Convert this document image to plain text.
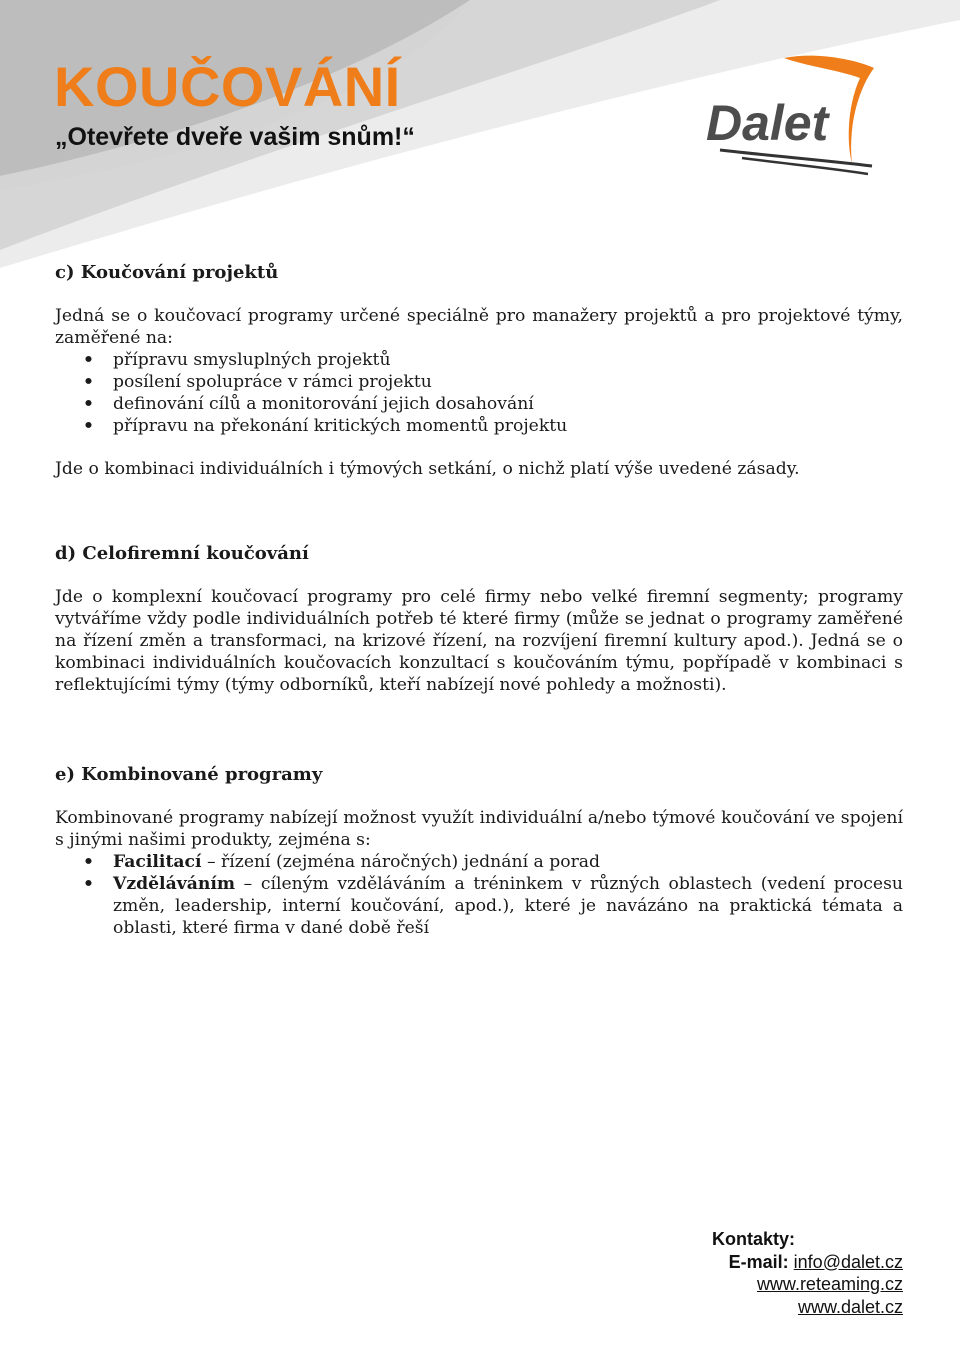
KOUČOVÁNÍ

„Otevřete dveře vašim snům!“	Dalet
c) Koučování projektů

Jedná se o koučovací programy určené speciálně pro manažery projektů a pro projektové týmy, zaměřené na:

• přípravu smysluplných projektů
• posílení spolupráce v rámci projektu
• definování cílů a monitorování jejich dosahování
• přípravu na překonání kritických momentů projektu

Jde o kombinaci individuálních i týmových setkání, o nichž platí výše uvedené zásady.

d) Celofiremní koučování

Jde o komplexní koučovací programy pro celé firmy nebo velké firemní segmenty; programy vytváříme vždy podle individuálních potřeb té které firmy (může se jednat o programy zaměřené na řízení změn a transformaci, na krizové řízení, na rozvíjení firemní kultury apod.). Jedná se o kombinaci individuálních koučovacích konzultací s koučováním týmu, popřípadě v kombinaci s reflektujícími týmy (týmy odborníků, kteří nabízejí nové pohledy a možnosti).

e) Kombinované programy

Kombinované programy nabízejí možnost využít individuální a/nebo týmové koučování ve spojení s jinými našimi produkty, zejména s:

• Facilitací – řízení (zejména náročných) jednání a porad
• Vzděláváním – cíleným vzděláváním a tréninkem v různých oblastech (vedení procesu změn, leadership, interní koučování, apod.), které je navázáno na praktická témata a oblasti, které firma v dané době řeší
Kontakty:
E-mail: info@dalet.cz
www.reteaming.cz
www.dalet.cz
